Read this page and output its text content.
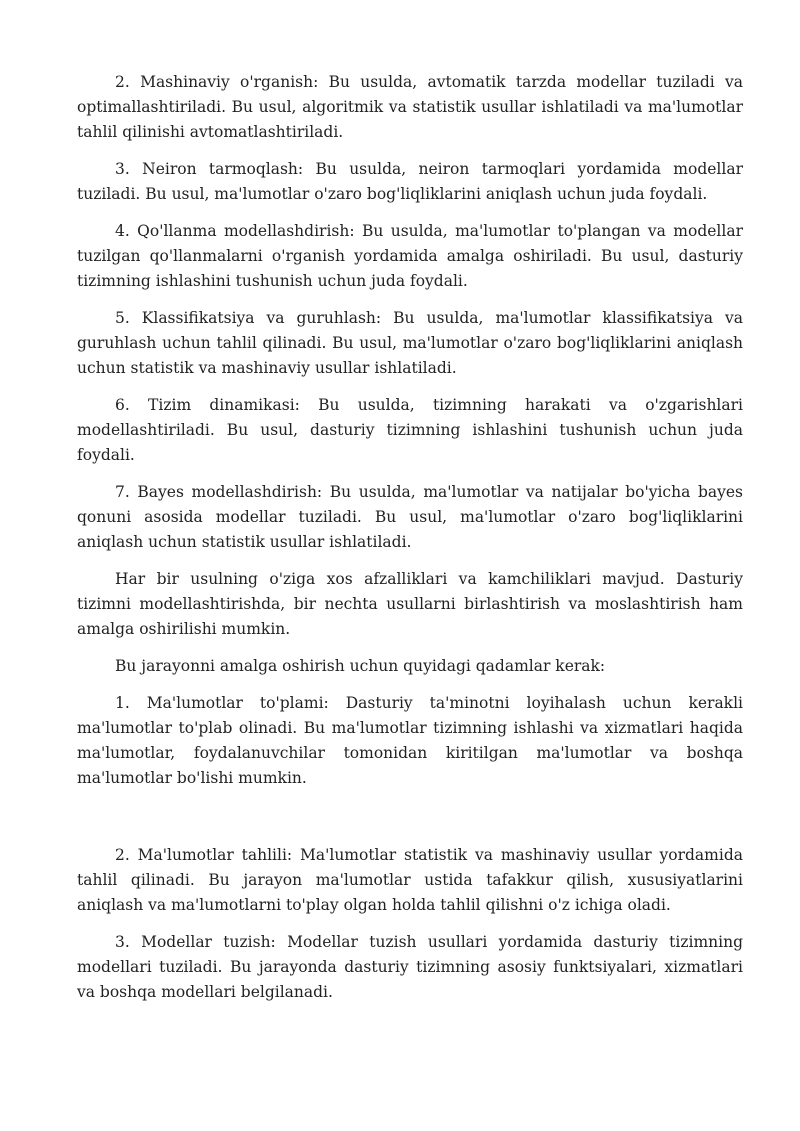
2. Mashinaviy o'rganish: Bu usulda, avtomatik tarzda modellar tuziladi va optimallashtiriladi. Bu usul, algoritmik va statistik usullar ishlatiladi va ma'lumotlar tahlil qilinishi avtomatlashtiriladi.

3. Neiron tarmoqlash: Bu usulda, neiron tarmoqlari yordamida modellar tuziladi. Bu usul, ma'lumotlar o'zaro bog'liqliklarini aniqlash uchun juda foydali.

4. Qo'llanma modellashdirish: Bu usulda, ma'lumotlar to'plangan va modellar tuzilgan qo'llanmalarni o'rganish yordamida amalga oshiriladi. Bu usul, dasturiy tizimning ishlashini tushunish uchun juda foydali.

5. Klassifikatsiya va guruhlash: Bu usulda, ma'lumotlar klassifikatsiya va guruhlash uchun tahlil qilinadi. Bu usul, ma'lumotlar o'zaro bog'liqliklarini aniqlash uchun statistik va mashinaviy usullar ishlatiladi.

6. Tizim dinamikasi: Bu usulda, tizimning harakati va o'zgarishlari modellashtiriladi. Bu usul, dasturiy tizimning ishlashini tushunish uchun juda foydali.

7. Bayes modellashdirish: Bu usulda, ma'lumotlar va natijalar bo'yicha bayes qonuni asosida modellar tuziladi. Bu usul, ma'lumotlar o'zaro bog'liqliklarini aniqlash uchun statistik usullar ishlatiladi.

Har bir usulning o'ziga xos afzalliklari va kamchiliklari mavjud. Dasturiy tizimni modellashtirishda, bir nechta usullarni birlashtirish va moslashtirish ham amalga oshirilishi mumkin.

Bu jarayonni amalga oshirish uchun quyidagi qadamlar kerak:

1. Ma'lumotlar to'plami: Dasturiy ta'minotni loyihalash uchun kerakli ma'lumotlar to'plab olinadi. Bu ma'lumotlar tizimning ishlashi va xizmatlari haqida ma'lumotlar, foydalanuvchilar tomonidan kiritilgan ma'lumotlar va boshqa ma'lumotlar bo'lishi mumkin.

2. Ma'lumotlar tahlili: Ma'lumotlar statistik va mashinaviy usullar yordamida tahlil qilinadi. Bu jarayon ma'lumotlar ustida tafakkur qilish, xususiyatlarini aniqlash va ma'lumotlarni to'play olgan holda tahlil qilishni o'z ichiga oladi.

3. Modellar tuzish: Modellar tuzish usullari yordamida dasturiy tizimning modellari tuziladi. Bu jarayonda dasturiy tizimning asosiy funktsiyalari, xizmatlari va boshqa modellari belgilanadi.
